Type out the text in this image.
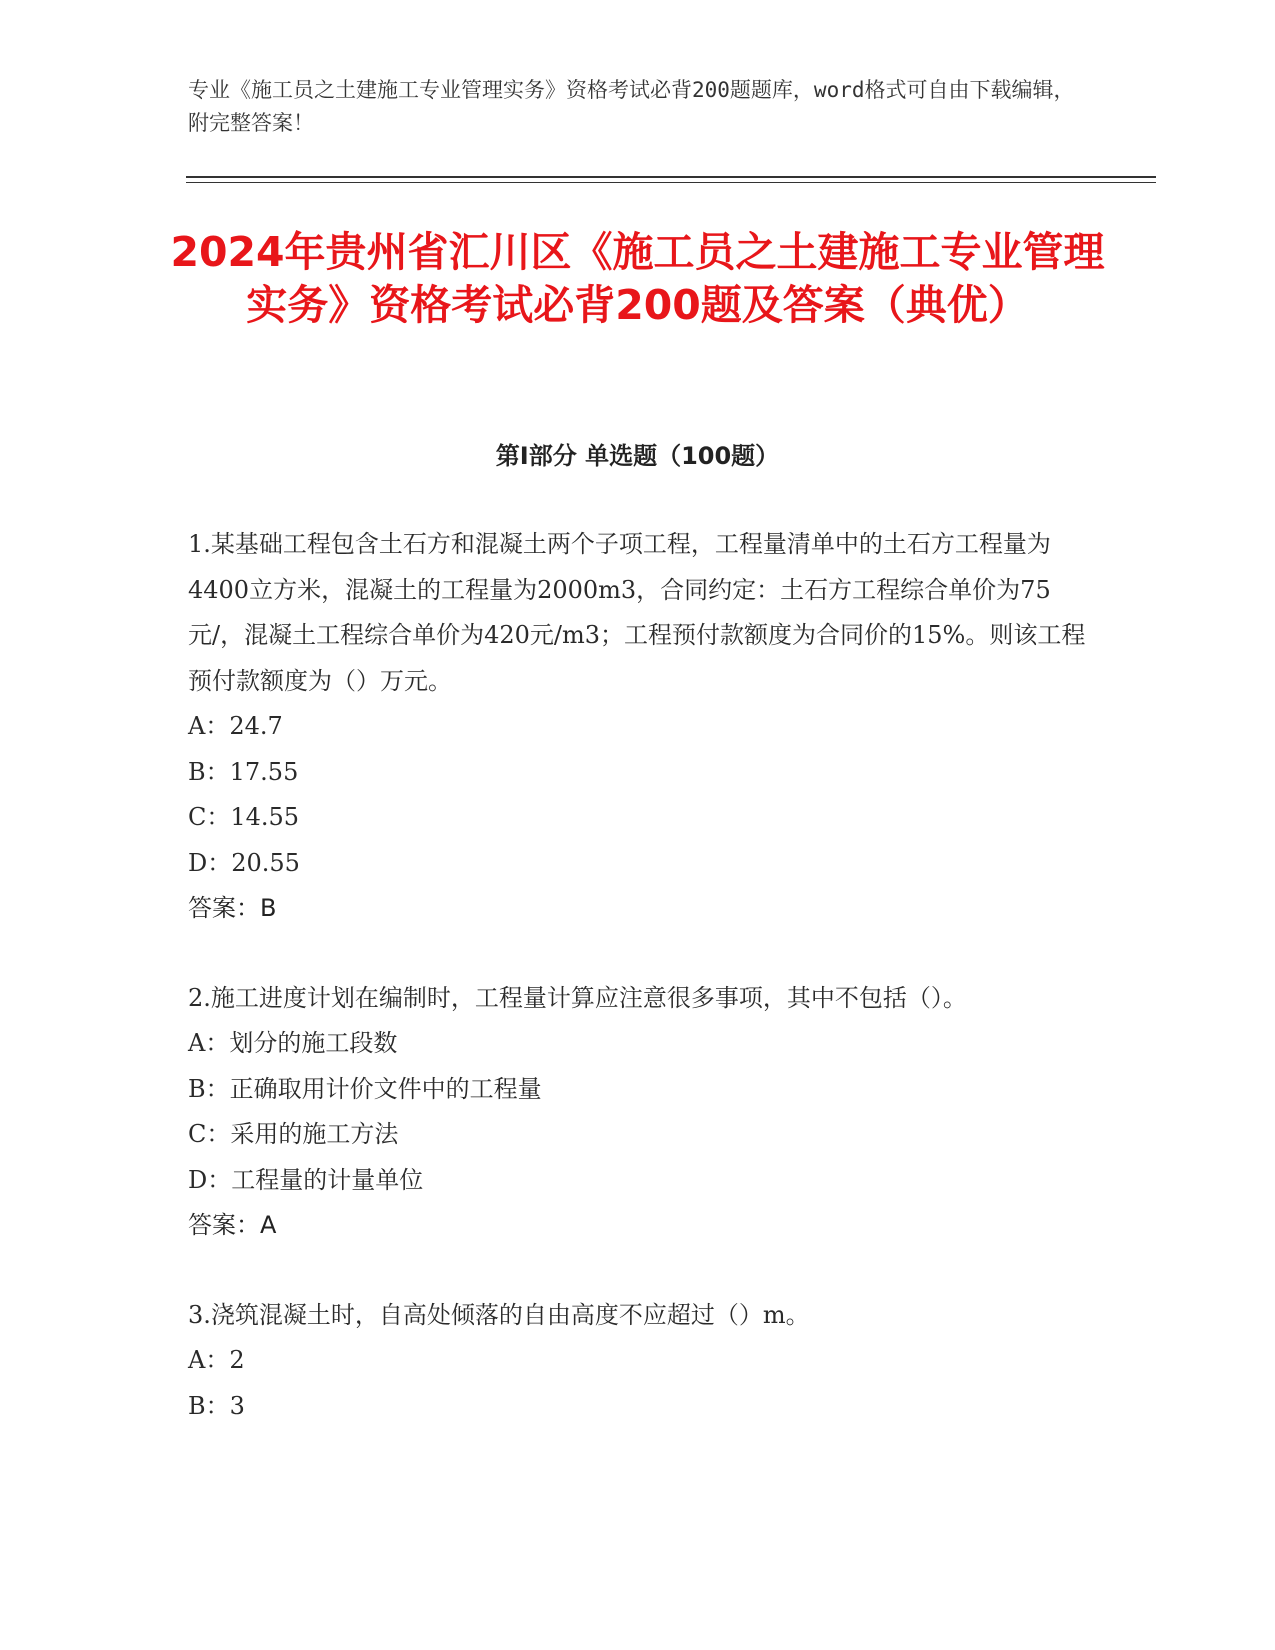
专业《施工员之土建施工专业管理实务》资格考试必背200题题库，word格式可自由下载编辑，附完整答案！
2024年贵州省汇川区《施工员之土建施工专业管理实务》资格考试必背200题及答案（典优）
第I部分 单选题（100题）

1.某基础工程包含土石方和混凝土两个子项工程，工程量清单中的土石方工程量为4400立方米，混凝土的工程量为2000m3，合同约定：土石方工程综合单价为75元/，混凝土工程综合单价为420元/m3；工程预付款额度为合同价的15%。则该工程预付款额度为（）万元。

A：24.7

B：17.55

C：14.55

D：20.55

答案：B

2.施工进度计划在编制时，工程量计算应注意很多事项，其中不包括（）。

A：划分的施工段数

B：正确取用计价文件中的工程量

C：采用的施工方法

D：工程量的计量单位

答案：A

3.浇筑混凝土时，自高处倾落的自由高度不应超过（）m。

A：2

B：3
